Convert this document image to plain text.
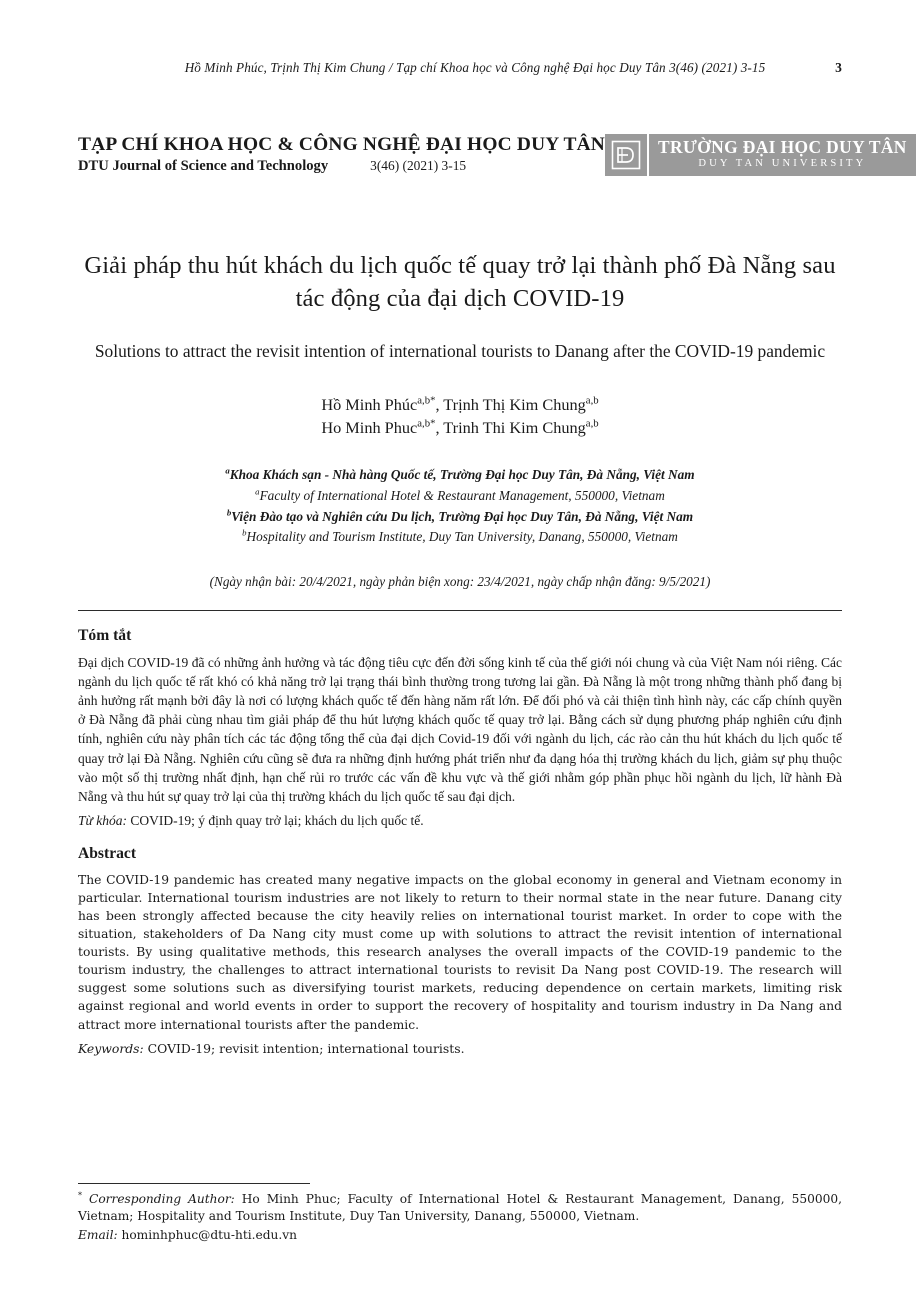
Hồ Minh Phúc, Trịnh Thị Kim Chung / Tạp chí Khoa học và Công nghệ Đại học Duy Tân 3(46) (2021) 3-15	3
TẠP CHÍ KHOA HỌC & CÔNG NGHỆ ĐẠI HỌC DUY TÂN
DTU Journal of Science and Technology	3(46) (2021) 3-15
TRƯỜNG ĐẠI HỌC DUY TÂN
DUY TAN UNIVERSITY
Giải pháp thu hút khách du lịch quốc tế quay trở lại thành phố Đà Nẵng sau tác động của đại dịch COVID-19
Solutions to attract the revisit intention of international tourists to Danang after the COVID-19 pandemic
Hồ Minh Phúc$^{a,b*}$, Trịnh Thị Kim Chung$^{a,b}$
Ho Minh Phuc$^{a,b*}$, Trinh Thi Kim Chung$^{a,b}$
$^a$Khoa Khách sạn - Nhà hàng Quốc tế, Trường Đại học Duy Tân, Đà Nẵng, Việt Nam
$^a$Faculty of International Hotel & Restaurant Management, 550000, Vietnam
$^b$Viện Đào tạo và Nghiên cứu Du lịch, Trường Đại học Duy Tân, Đà Nẵng, Việt Nam
$^b$Hospitality and Tourism Institute, Duy Tan University, Danang, 550000, Vietnam
(Ngày nhận bài: 20/4/2021, ngày phản biện xong: 23/4/2021, ngày chấp nhận đăng: 9/5/2021)
Tóm tắt
Đại dịch COVID-19 đã có những ảnh hưởng và tác động tiêu cực đến đời sống kinh tế của thế giới nói chung và của Việt Nam nói riêng. Các ngành du lịch quốc tế rất khó có khả năng trở lại trạng thái bình thường trong tương lai gần. Đà Nẵng là một trong những thành phố đang bị ảnh hưởng rất mạnh bởi đây là nơi có lượng khách quốc tế đến hàng năm rất lớn. Để đối phó và cải thiện tình hình này, các cấp chính quyền ở Đà Nẵng đã phải cùng nhau tìm giải pháp để thu hút lượng khách quốc tế quay trở lại. Bằng cách sử dụng phương pháp nghiên cứu định tính, nghiên cứu này phân tích các tác động tổng thể của đại dịch Covid-19 đối với ngành du lịch, các rào cản thu hút khách du lịch quốc tế quay trở lại Đà Nẵng. Nghiên cứu cũng sẽ đưa ra những định hướng phát triển như đa dạng hóa thị trường khách du lịch, giảm sự phụ thuộc vào một số thị trường nhất định, hạn chế rủi ro trước các vấn đề khu vực và thế giới nhằm góp phần phục hồi ngành du lịch, lữ hành Đà Nẵng và thu hút sự quay trở lại của thị trường khách du lịch quốc tế sau đại dịch.
Từ khóa: COVID-19; ý định quay trở lại; khách du lịch quốc tế.
Abstract
The COVID-19 pandemic has created many negative impacts on the global economy in general and Vietnam economy in particular. International tourism industries are not likely to return to their normal state in the near future. Danang city has been strongly affected because the city heavily relies on international tourist market. In order to cope with the situation, stakeholders of Da Nang city must come up with solutions to attract the revisit intention of international tourists. By using qualitative methods, this research analyses the overall impacts of the COVID-19 pandemic to the tourism industry, the challenges to attract international tourists to revisit Da Nang post COVID-19. The research will suggest some solutions such as diversifying tourist markets, reducing dependence on certain markets, limiting risk against regional and world events in order to support the recovery of hospitality and tourism industry in Da Nang and attract more international tourists after the pandemic.
Keywords: COVID-19; revisit intention; international tourists.
* Corresponding Author: Ho Minh Phuc; Faculty of International Hotel & Restaurant Management, Danang, 550000, Vietnam; Hospitality and Tourism Institute, Duy Tan University, Danang, 550000, Vietnam.
Email: hominhphuc@dtu-hti.edu.vn
